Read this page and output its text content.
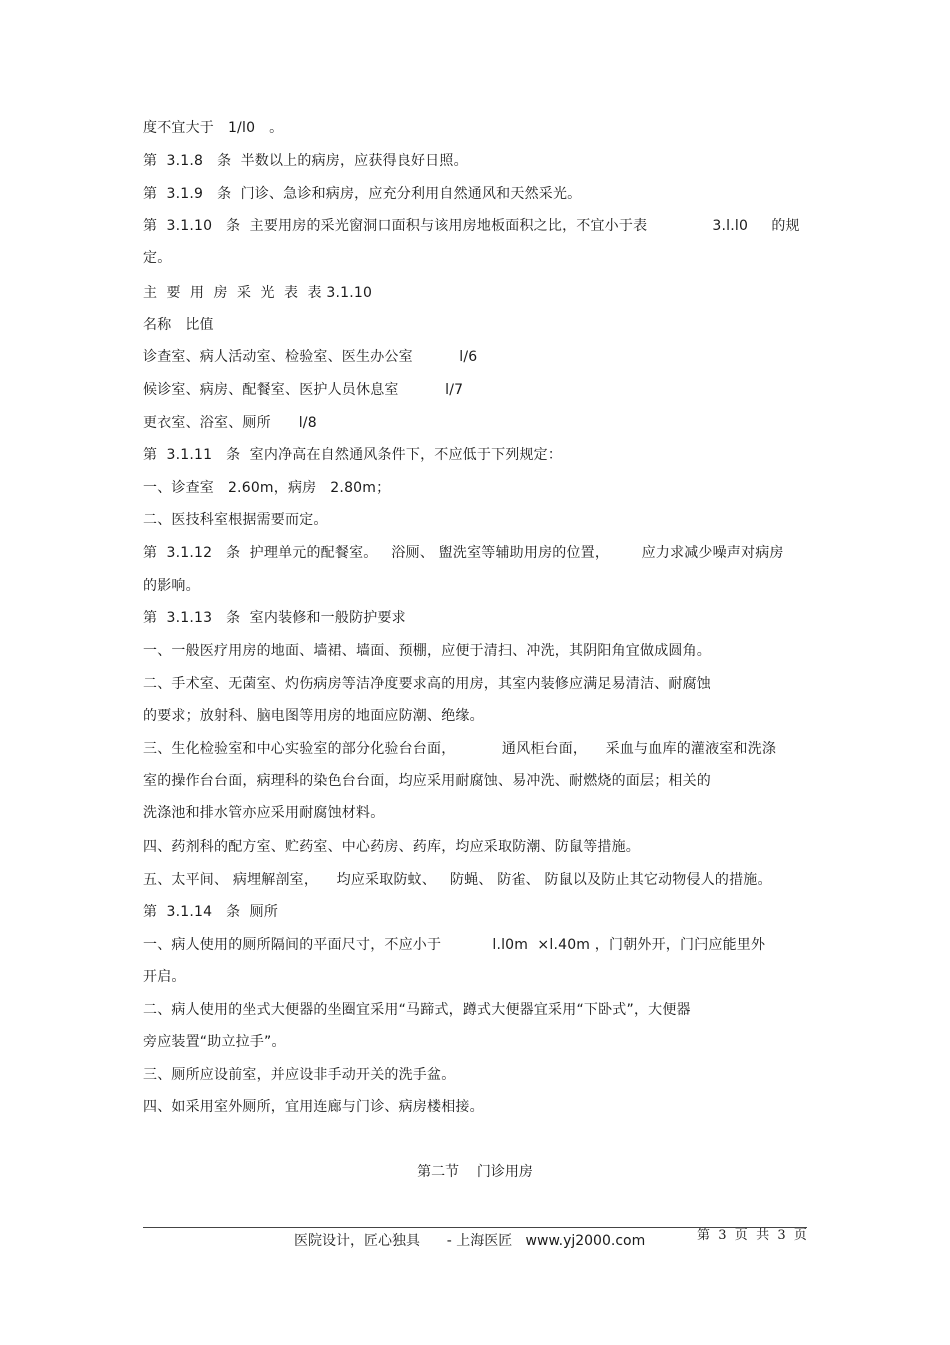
度不宜大于   1/l0   。
第  3.1.8   条  半数以上的病房，应获得良好日照。
第  3.1.9   条  门诊、急诊和病房，应充分利用自然通风和天然采光。
第  3.1.10   条  主要用房的采光窗洞口面积与该用房地板面积之比，不宜小于表              3.l.l0     的规
定。
主  要  用  房  采  光  表  表 3.1.10
名称   比值
诊查室、病人活动室、检验室、医生办公室          l/6
候诊室、病房、配餐室、医护人员休息室          l/7
更衣室、浴室、厕所      l/8
第  3.1.11   条  室内净高在自然通风条件下，不应低于下列规定：
一、诊查室   2.60m，病房   2.80m；
二、医技科室根据需要而定。
第  3.1.12   条  护理单元的配餐室。   浴厕、 盥洗室等辅助用房的位置，       应力求减少噪声对病房
的影响。
第  3.1.13   条  室内装修和一般防护要求
一、一般医疗用房的地面、墙裙、墙面、预棚，应便于清扫、冲洗，其阴阳角宜做成圆角。
二、手术室、无菌室、灼伤病房等洁净度要求高的用房，其室内装修应满足易清洁、耐腐蚀
的要求；放射科、脑电图等用房的地面应防潮、绝缘。
三、生化检验室和中心实验室的部分化验台台面，          通风柜台面，    采血与血库的灌液室和洗涤
室的操作台台面，病理科的染色台台面，均应采用耐腐蚀、易冲洗、耐燃烧的面层；相关的
洗涤池和排水管亦应采用耐腐蚀材料。
四、药剂科的配方室、贮药室、中心药房、药库，均应采取防潮、防鼠等措施。
五、太平间、 病埋解剖室，    均应采取防蚊、   防蝇、 防雀、 防鼠以及防止其它动物侵人的措施。
第  3.1.14   条  厕所
一、病人使用的厕所隔间的平面尺寸，不应小于           l.l0m  ×l.40m ，门朝外开，门闩应能里外
开启。
二、病人使用的坐式大便器的坐圈宜采用“马蹄式，蹲式大便器宜采用“下卧式”，大便器
旁应装置“助立拉手”。
三、厕所应设前室，并应设非手动开关的洗手盆。
四、如采用室外厕所，宜用连廊与门诊、病房楼相接。
第二节    门诊用房
医院设计，匠心独具      - 上海医匠   www.yj2000.com	第  3  页  共  3  页
